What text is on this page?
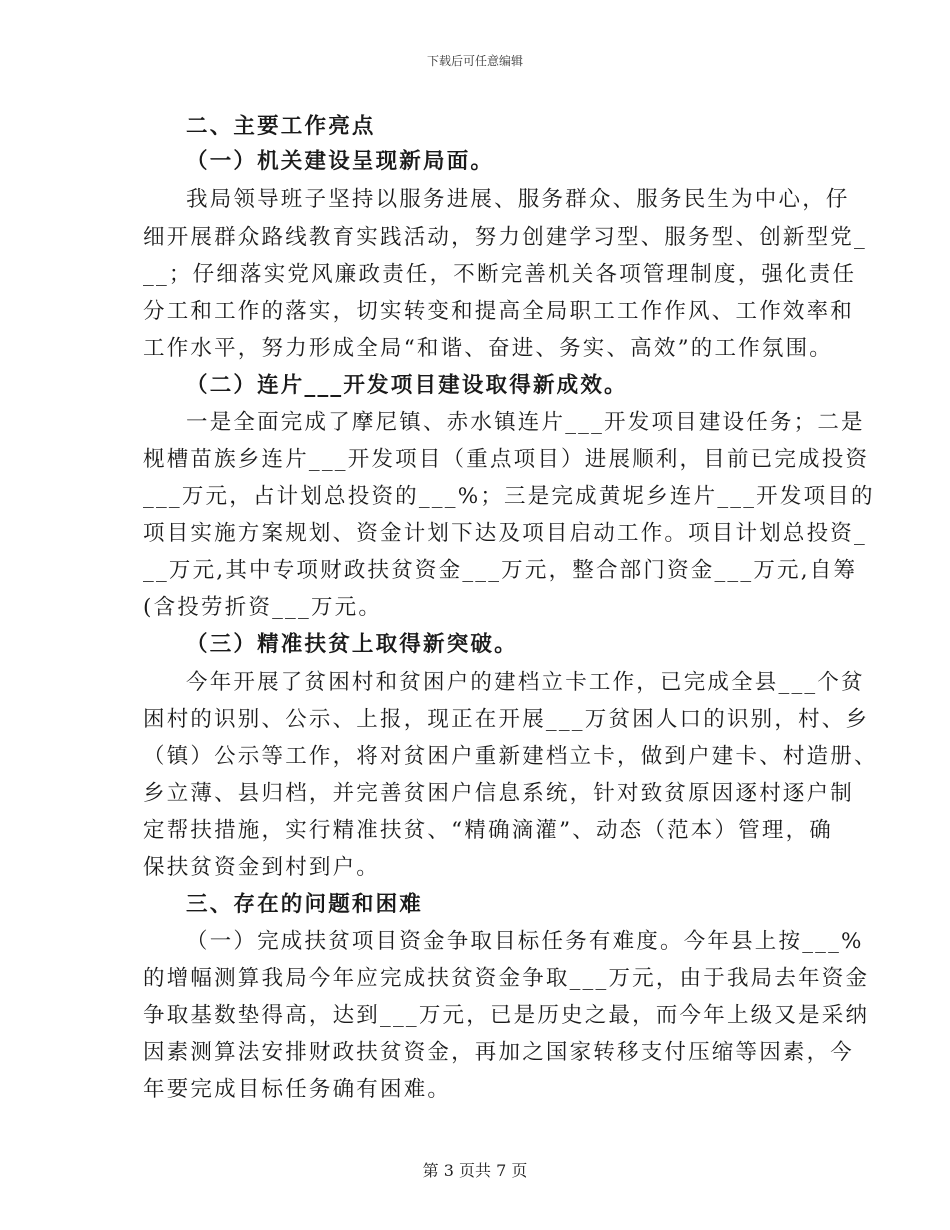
下载后可任意编辑
二、主要工作亮点
（一）机关建设呈现新局面。
我局领导班子坚持以服务进展、服务群众、服务民生为中心，仔
细开展群众路线教育实践活动，努力创建学习型、服务型、创新型党_
__；仔细落实党风廉政责任，不断完善机关各项管理制度，强化责任
分工和工作的落实，切实转变和提高全局职工工作作风、工作效率和
工作水平，努力形成全局“和谐、奋进、务实、高效”的工作氛围。
（二）连片___开发项目建设取得新成效。
一是全面完成了摩尼镇、赤水镇连片___开发项目建设任务；二是
枧槽苗族乡连片___开发项目（重点项目）进展顺利，目前已完成投资
___万元，占计划总投资的___%；三是完成黄坭乡连片___开发项目的
项目实施方案规划、资金计划下达及项目启动工作。项目计划总投资_
__万元,其中专项财政扶贫资金___万元，整合部门资金___万元,自筹
(含投劳折资___万元。
（三）精准扶贫上取得新突破。
今年开展了贫困村和贫困户的建档立卡工作，已完成全县___个贫
困村的识别、公示、上报，现正在开展___万贫困人口的识别，村、乡
（镇）公示等工作，将对贫困户重新建档立卡，做到户建卡、村造册、
乡立薄、县归档，并完善贫困户信息系统，针对致贫原因逐村逐户制
定帮扶措施，实行精准扶贫、“精确滴灌”、动态（范本）管理，确
保扶贫资金到村到户。
三、存在的问题和困难
（一）完成扶贫项目资金争取目标任务有难度。今年县上按___%
的增幅测算我局今年应完成扶贫资金争取___万元，由于我局去年资金
争取基数垫得高，达到___万元，已是历史之最，而今年上级又是采纳
因素测算法安排财政扶贫资金，再加之国家转移支付压缩等因素，今
年要完成目标任务确有困难。
第 3 页共 7 页
